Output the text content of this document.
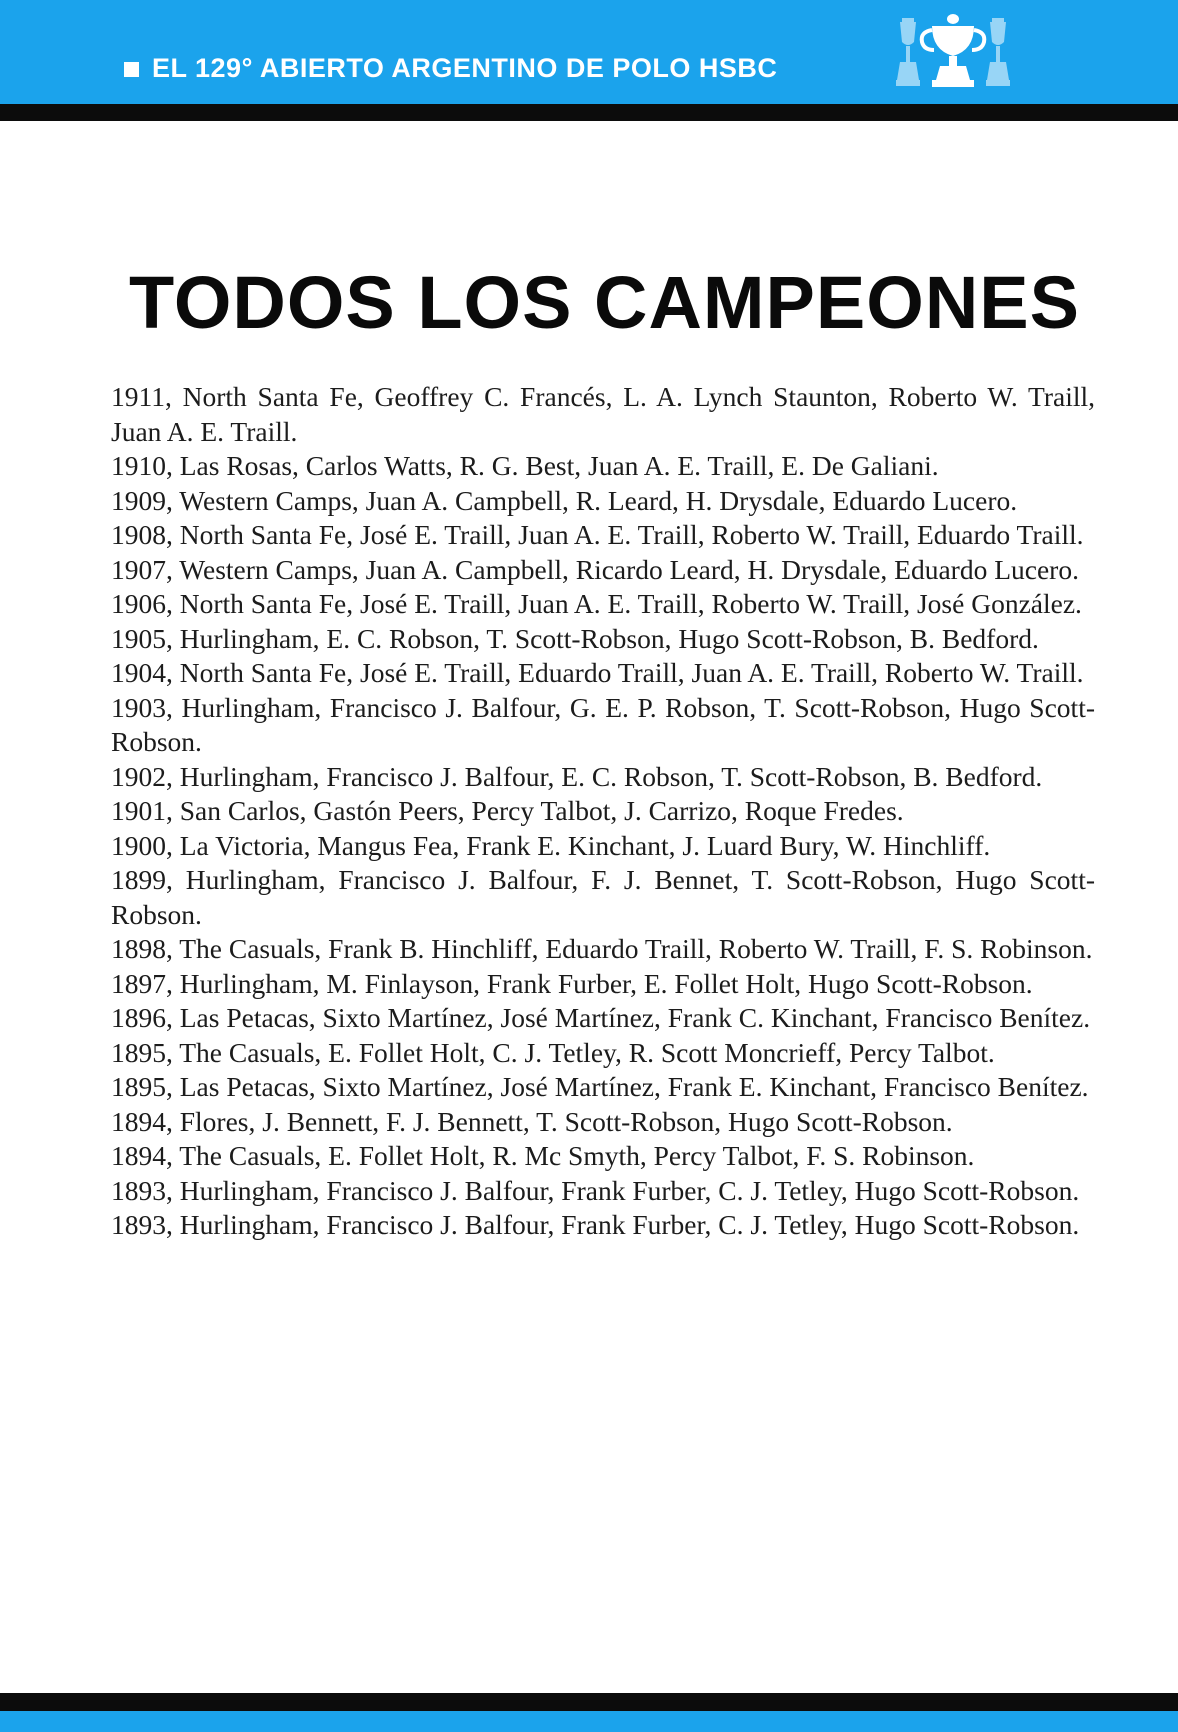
EL 129° ABIERTO ARGENTINO DE POLO HSBC
TODOS LOS CAMPEONES
1911, North Santa Fe, Geoffrey C. Francés, L. A. Lynch Staunton, Roberto W. Traill, Juan A. E. Traill.
1910, Las Rosas, Carlos Watts, R. G. Best, Juan A. E. Traill, E. De Galiani.
1909, Western Camps, Juan A. Campbell, R. Leard, H. Drysdale, Eduardo Lucero.
1908, North Santa Fe, José E. Traill, Juan A. E. Traill, Roberto W. Traill, Eduardo Traill.
1907, Western Camps, Juan A. Campbell, Ricardo Leard, H. Drysdale, Eduardo Lucero.
1906, North Santa Fe, José E. Traill, Juan A. E. Traill, Roberto W. Traill, José González.
1905, Hurlingham, E. C. Robson, T. Scott-Robson, Hugo Scott-Robson, B. Bedford.
1904, North Santa Fe, José E. Traill, Eduardo Traill, Juan A. E. Traill, Roberto W. Traill.
1903, Hurlingham, Francisco J. Balfour, G. E. P. Robson, T. Scott-Robson, Hugo Scott- Robson.
1902, Hurlingham, Francisco J. Balfour, E. C. Robson, T. Scott-Robson, B. Bedford.
1901, San Carlos, Gastón Peers, Percy Talbot, J. Carrizo, Roque Fredes.
1900, La Victoria, Mangus Fea, Frank E. Kinchant, J. Luard Bury, W. Hinchliff.
1899, Hurlingham, Francisco J. Balfour, F. J. Bennet, T. Scott-Robson, Hugo Scott-Robson.
1898, The Casuals, Frank B. Hinchliff, Eduardo Traill, Roberto W. Traill, F. S. Robinson.
1897, Hurlingham, M. Finlayson, Frank Furber, E. Follet Holt, Hugo Scott-Robson.
1896, Las Petacas, Sixto Martínez, José Martínez, Frank C. Kinchant, Francisco Benítez.
1895, The Casuals, E. Follet Holt, C. J. Tetley, R. Scott Moncrieff, Percy Talbot.
1895, Las Petacas, Sixto Martínez, José Martínez, Frank E. Kinchant, Francisco Benítez.
1894, Flores, J. Bennett, F. J. Bennett, T. Scott-Robson, Hugo Scott-Robson.
1894, The Casuals, E. Follet Holt, R. Mc Smyth, Percy Talbot, F. S. Robinson.
1893, Hurlingham, Francisco J. Balfour, Frank Furber, C. J. Tetley, Hugo Scott-Robson.
1893, Hurlingham, Francisco J. Balfour, Frank Furber, C. J. Tetley, Hugo Scott-Robson.
